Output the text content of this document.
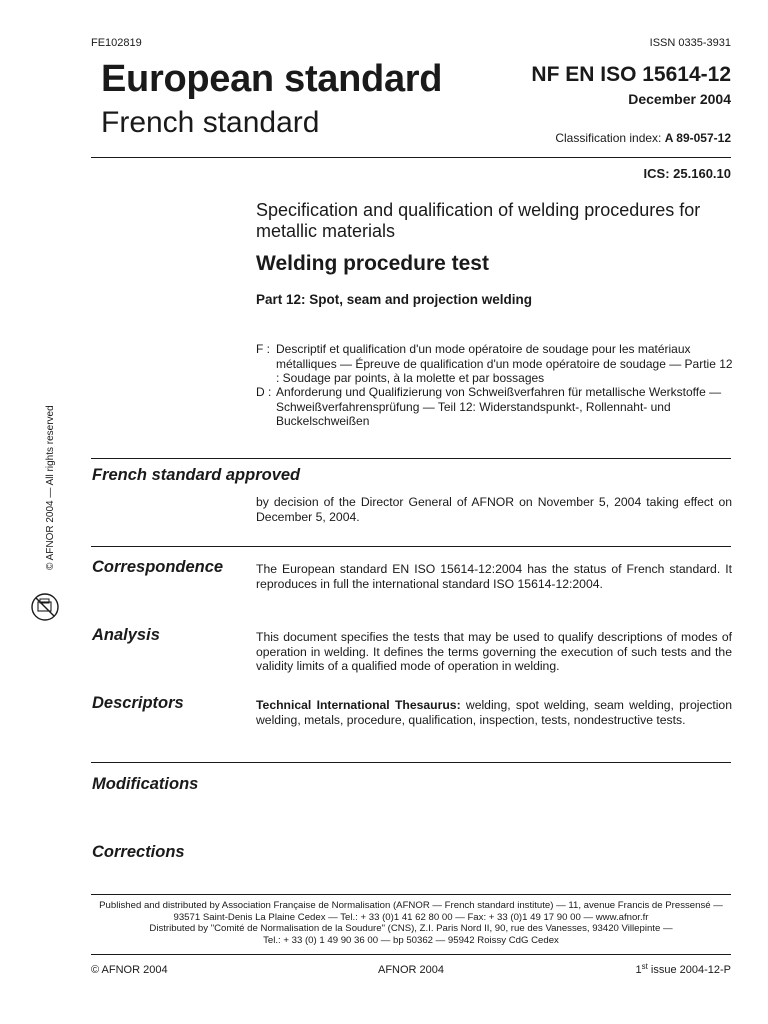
FE102819	ISSN 0335-3931
European standard
French standard
NF EN ISO 15614-12
December 2004
Classification index: A 89-057-12
ICS: 25.160.10
Specification and qualification of welding procedures for metallic materials
Welding procedure test
Part 12: Spot, seam and projection welding
F : Descriptif et qualification d'un mode opératoire de soudage pour les matériaux métalliques — Épreuve de qualification d'un mode opératoire de soudage — Partie 12 : Soudage par points, à la molette et par bossages
D : Anforderung und Qualifizierung von Schweißverfahren für metallische Werkstoffe — Schweißverfahrensprüfung — Teil 12: Widerstandspunkt-, Rollennaht- und Buckelschweißen
© AFNOR 2004 — All rights reserved French standard approved
by decision of the Director General of AFNOR on November 5, 2004 taking effect on December 5, 2004.
Correspondence	The European standard EN ISO 15614-12:2004 has the status of French standard. It reproduces in full the international standard ISO 15614-12:2004.
Analysis	This document specifies the tests that may be used to qualify descriptions of modes of operation in welding. It defines the terms governing the execution of such tests and the validity limits of a qualified mode of operation in welding.
Descriptors	Technical International Thesaurus: welding, spot welding, seam welding, projection welding, metals, procedure, qualification, inspection, tests, nondestructive tests.
Modifications
Corrections
Published and distributed by Association Française de Normalisation (AFNOR — French standard institute) — 11, avenue Francis de Pressensé —
93571 Saint-Denis La Plaine Cedex — Tel.: + 33 (0)1 41 62 80 00 — Fax: + 33 (0)1 49 17 90 00 — www.afnor.fr
Distributed by "Comité de Normalisation de la Soudure" (CNS), Z.I. Paris Nord II, 90, rue des Vanesses, 93420 Villepinte —
Tel.: + 33 (0) 1 49 90 36 00 — bp 50362 — 95942 Roissy CdG Cedex
© AFNOR 2004	AFNOR 2004	1st issue 2004-12-P
